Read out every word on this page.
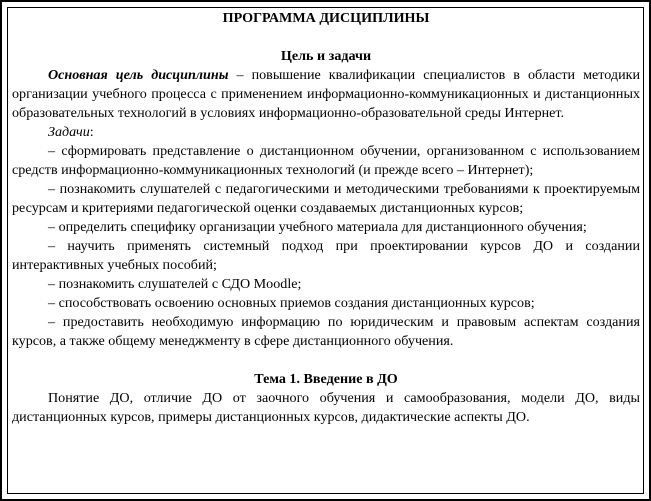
ПРОГРАММА ДИСЦИПЛИНЫ

Цель и задачи

Основная цель дисциплины – повышение квалификации специалистов в области методики организации учебного процесса с применением информационно-коммуникационных и дистанционных образовательных технологий в условиях информационно-образовательной среды Интернет.

Задачи:

– сформировать представление о дистанционном обучении, организованном с использованием средств информационно-коммуникационных технологий (и прежде всего – Интернет);

– познакомить слушателей с педагогическими и методическими требованиями к проектируемым ресурсам и критериями педагогической оценки создаваемых дистанционных курсов;

– определить специфику организации учебного материала для дистанционного обучения;

– научить применять системный подход при проектировании курсов ДО и создании интерактивных учебных пособий;

– познакомить слушателей с СДО Moodle;

– способствовать освоению основных приемов создания дистанционных курсов;

– предоставить необходимую информацию по юридическим и правовым аспектам создания курсов, а также общему менеджменту в сфере дистанционного обучения.

Тема 1. Введение в ДО

Понятие ДО, отличие ДО от заочного обучения и самообразования, модели ДО, виды дистанционных курсов, примеры дистанционных курсов, дидактические аспекты ДО.
